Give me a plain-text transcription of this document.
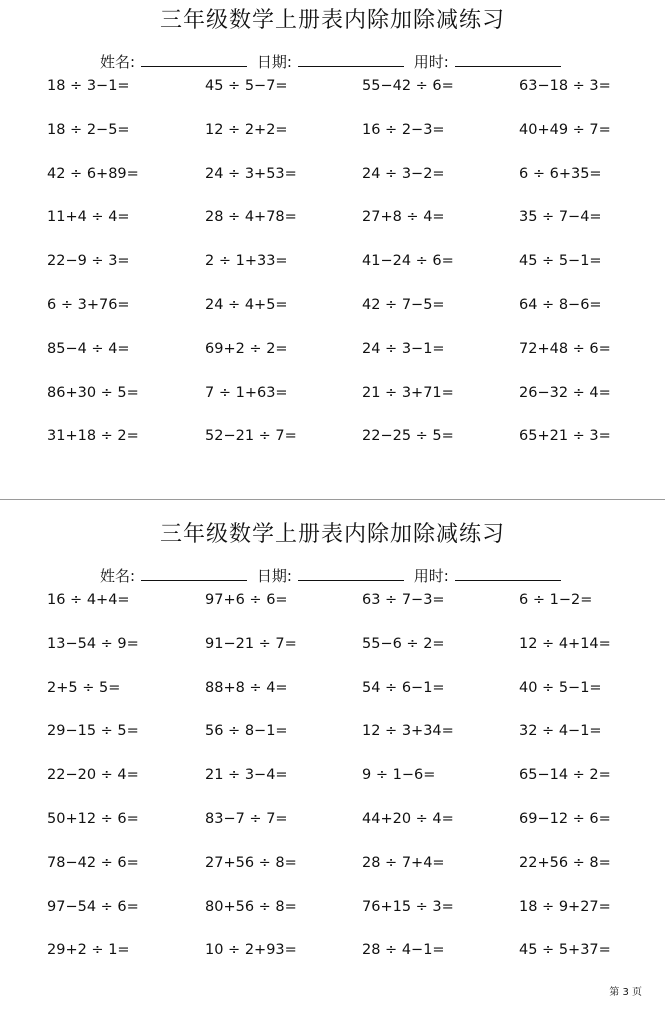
三年级数学上册表内除加除减练习
姓名:	日期:	用时:
18 ÷ 3−1=	45 ÷ 5−7=	55−42 ÷ 6=	63−18 ÷ 3=
18 ÷ 2−5=	12 ÷ 2+2=	16 ÷ 2−3=	40+49 ÷ 7=
42 ÷ 6+89=	24 ÷ 3+53=	24 ÷ 3−2=	6 ÷ 6+35=
11+4 ÷ 4=	28 ÷ 4+78=	27+8 ÷ 4=	35 ÷ 7−4=
22−9 ÷ 3=	2 ÷ 1+33=	41−24 ÷ 6=	45 ÷ 5−1=
6 ÷ 3+76=	24 ÷ 4+5=	42 ÷ 7−5=	64 ÷ 8−6=
85−4 ÷ 4=	69+2 ÷ 2=	24 ÷ 3−1=	72+48 ÷ 6=
86+30 ÷ 5=	7 ÷ 1+63=	21 ÷ 3+71=	26−32 ÷ 4=
31+18 ÷ 2=	52−21 ÷ 7=	22−25 ÷ 5=	65+21 ÷ 3=
三年级数学上册表内除加除减练习
姓名:	日期:	用时:
16 ÷ 4+4=	97+6 ÷ 6=	63 ÷ 7−3=	6 ÷ 1−2=
13−54 ÷ 9=	91−21 ÷ 7=	55−6 ÷ 2=	12 ÷ 4+14=
2+5 ÷ 5=	88+8 ÷ 4=	54 ÷ 6−1=	40 ÷ 5−1=
29−15 ÷ 5=	56 ÷ 8−1=	12 ÷ 3+34=	32 ÷ 4−1=
22−20 ÷ 4=	21 ÷ 3−4=	9 ÷ 1−6=	65−14 ÷ 2=
50+12 ÷ 6=	83−7 ÷ 7=	44+20 ÷ 4=	69−12 ÷ 6=
78−42 ÷ 6=	27+56 ÷ 8=	28 ÷ 7+4=	22+56 ÷ 8=
97−54 ÷ 6=	80+56 ÷ 8=	76+15 ÷ 3=	18 ÷ 9+27=
29+2 ÷ 1=	10 ÷ 2+93=	28 ÷ 4−1=	45 ÷ 5+37=
第 3 页
